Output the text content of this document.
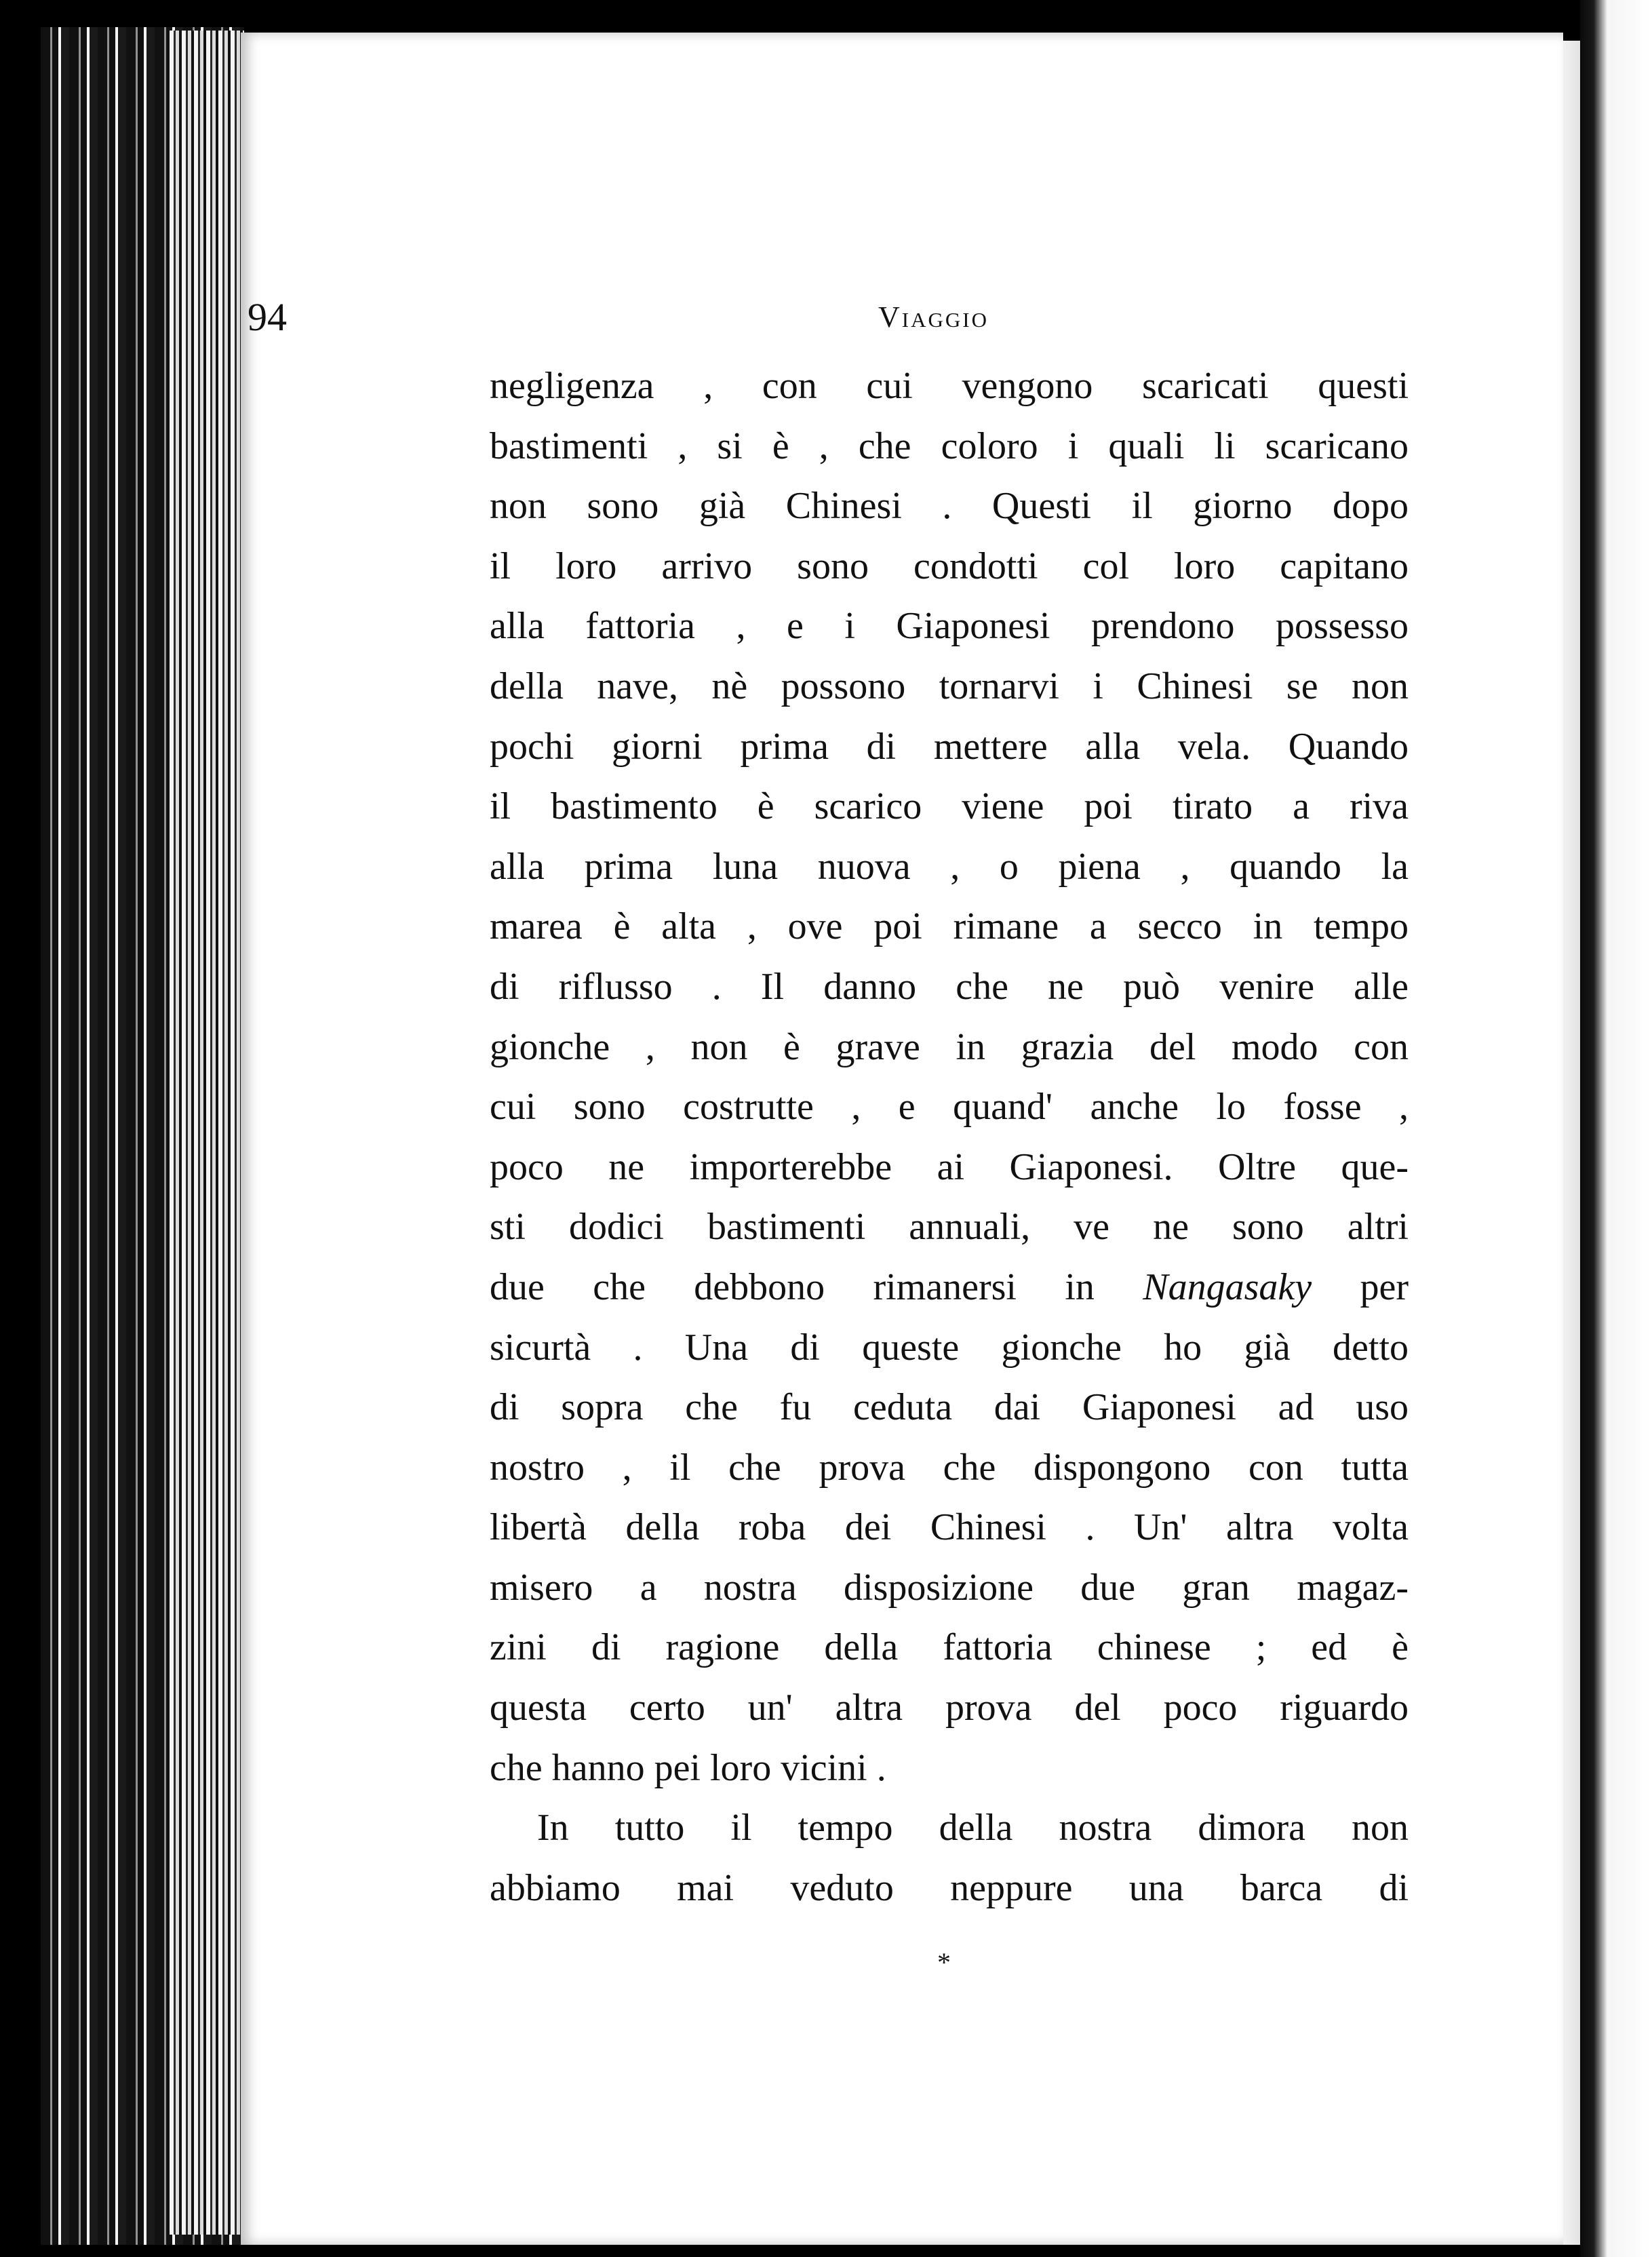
94	Viaggio
negligenza , con cui vengono scaricati questi
bastimenti , si è , che coloro i quali li scaricano
non sono già Chinesi . Questi il giorno dopo
il loro arrivo sono condotti col loro capitano
alla fattoria , e i Giaponesi prendono possesso
della nave, nè possono tornarvi i Chinesi se non
pochi giorni prima di mettere alla vela. Quando
il bastimento è scarico viene poi tirato a riva
alla prima luna nuova , o piena , quando la
marea è alta , ove poi rimane a secco in tempo
di riflusso . Il danno che ne può venire alle
gionche , non è grave in grazia del modo con
cui sono costrutte , e quand' anche lo fosse ,
poco ne importerebbe ai Giaponesi. Oltre que-
sti dodici bastimenti annuali, ve ne sono altri
due che debbono rimanersi in Nangasaky per
sicurtà . Una di queste gionche ho già detto
di sopra che fu ceduta dai Giaponesi ad uso
nostro , il che prova che dispongono con tutta
libertà della roba dei Chinesi . Un' altra volta
misero a nostra disposizione due gran magaz-
zini di ragione della fattoria chinese ; ed è
questa certo un' altra prova del poco riguardo
che hanno pei loro vicini .
In tutto il tempo della nostra dimora non
abbiamo mai veduto neppure una barca di
*
